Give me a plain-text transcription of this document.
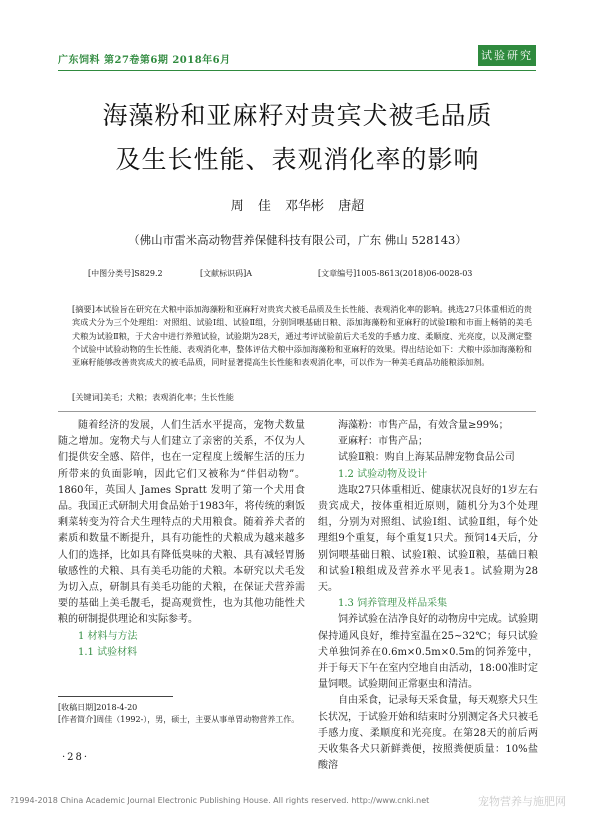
广东饲料 第27卷第6期 2018年6月	试验研究
海藻粉和亚麻籽对贵宾犬被毛品质
及生长性能、表观消化率的影响
周 佳 邓华彬 唐超
（佛山市雷米高动物营养保健科技有限公司，广东 佛山 528143）
[中图分类号]S829.2	[文献标识码]A	[文章编号]1005-8613(2018)06-0028-03
[摘要]本试验旨在研究在犬粮中添加海藻粉和亚麻籽对贵宾犬被毛品质及生长性能、表观消化率的影响。挑选27只体重相近的贵宾成犬分为三个处理组：对照组、试验Ⅰ组、试验Ⅱ组，分别饲喂基础日粮、添加海藻粉和亚麻籽的试验Ⅰ粮和市面上畅销的美毛犬粮为试验Ⅱ粮，于犬舍中进行养殖试验，试验期为28天，通过考评试验前后犬毛发的手感力度、柔顺度、光亮度，以及测定整个试验中试验动物的生长性能、表观消化率，整体评估犬粮中添加海藻粉和亚麻籽的效果。得出结论如下：犬粮中添加海藻粉和亚麻籽能够改善贵宾成犬的被毛品质，同时显著提高生长性能和表观消化率，可以作为一种美毛商品功能粮添加剂。
[关键词]美毛；犬粮；表观消化率；生长性能

随着经济的发展，人们生活水平提高，宠物犬数量随之增加。宠物犬与人们建立了亲密的关系，不仅为人们提供安全感、陪伴，也在一定程度上缓解生活的压力所带来的负面影响，因此它们又被称为“伴侣动物”。1860年，英国人 James Spratt 发明了第一个犬用食品。我国正式研制犬用食品始于1983年，将传统的剩饭剩菜转变为符合犬生理特点的犬用粮食。随着养犬者的素质和数量不断提升，具有功能性的犬粮成为越来越多人们的选择，比如具有降低臭味的犬粮、具有减轻胃肠敏感性的犬粮、具有美毛功能的犬粮。本研究以犬毛发为切入点，研制具有美毛功能的犬粮，在保证犬营养需要的基础上美毛靓毛，提高观赏性，也为其他功能性犬粮的研制提供理论和实际参考。

1 材料与方法

1.1 试验材料

海藻粉：市售产品，有效含量≥99%；

亚麻籽：市售产品；

试验Ⅱ粮：购自上海某品牌宠物食品公司

1.2 试验动物及设计

选取27只体重相近、健康状况良好的1岁左右贵宾成犬，按体重相近原则，随机分为3个处理组，分别为对照组、试验Ⅰ组、试验Ⅱ组，每个处理组9个重复，每个重复1只犬。预饲14天后，分别饲喂基础日粮、试验Ⅰ粮、试验Ⅱ粮，基础日粮和试验Ⅰ粮组成及营养水平见表1。试验期为28天。

1.3 饲养管理及样品采集

饲养试验在洁净良好的动物房中完成。试验期保持通风良好，维持室温在25~32℃；每只试验犬单独饲养在0.6m×0.5m×0.5m的饲养笼中，并于每天下午在室内空地自由活动，18:00准时定量饲喂。试验期间正常驱虫和清洁。

自由采食，记录每天采食量，每天观察犬只生长状况，于试验开始和结束时分别测定各犬只被毛手感力度、柔顺度和光亮度。在第28天的前后两天收集各犬只新鲜粪便，按照粪便质量：10%盐酸溶

[收稿日期]2018-4-20
[作者简介]周佳（1992-），男，硕士，主要从事单胃动物营养工作。
·28·
?1994-2018 China Academic Journal Electronic Publishing House. All rights reserved. http://www.cnki.net	宠物营养与施肥网
